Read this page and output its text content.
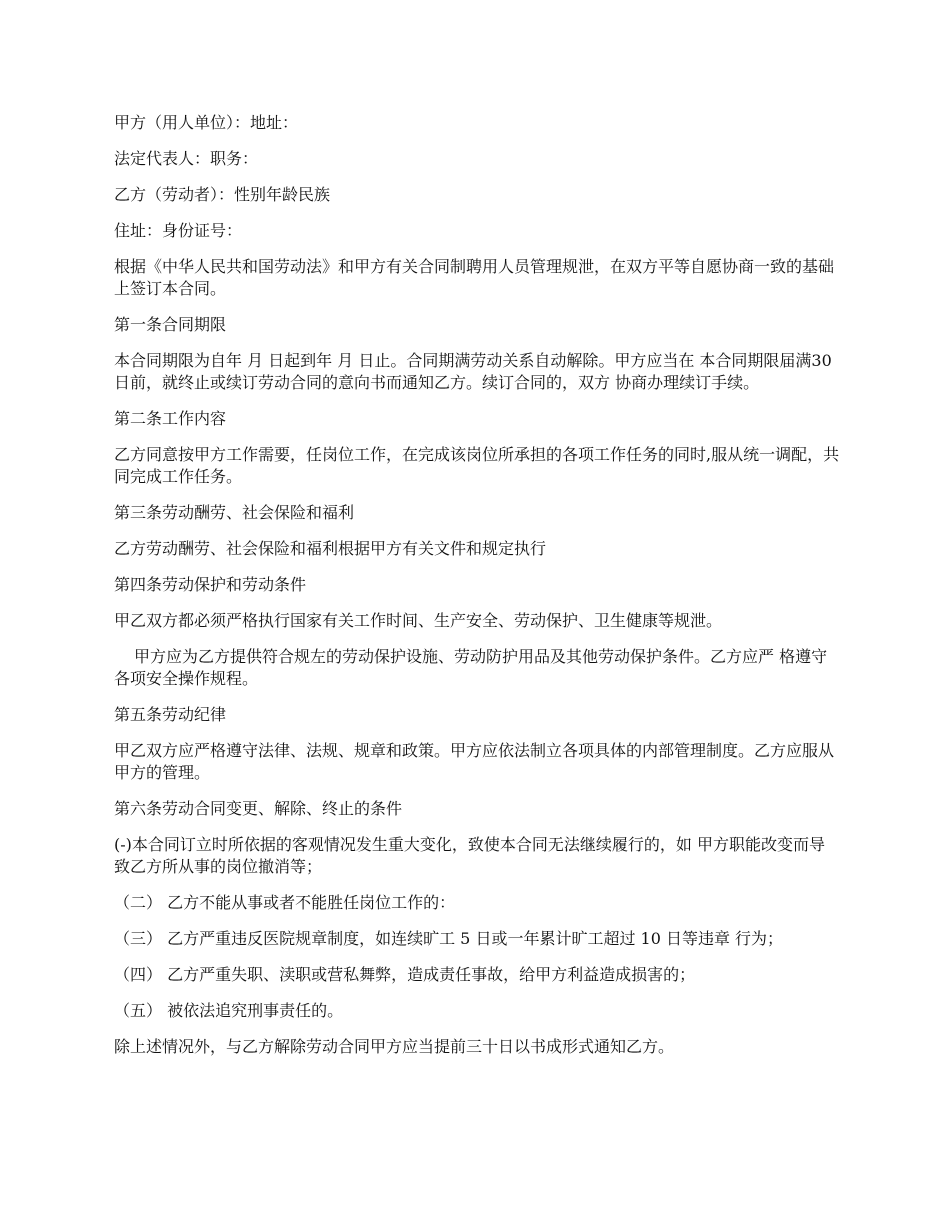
甲方（用人单位）：地址：

法定代表人：职务：

乙方（劳动者）：性别年龄民族

住址：身份证号：

根据《中华人民共和国劳动法》和甲方有关合同制聘用人员管理规泄，在双方平等自愿协商一致的基础上签订本合同。

第一条合同期限

本合同期限为自年 月 日起到年 月 日止。合同期满劳动关系自动解除。甲方应当在 本合同期限届满30日前，就终止或续订劳动合同的意向书而通知乙方。续订合同的，双方 协商办理续订手续。

第二条工作内容

乙方同意按甲方工作需要，任岗位工作，在完成该岗位所承担的各项工作任务的同时,服从统一调配，共同完成工作任务。

第三条劳动酬劳、社会保险和福利

乙方劳动酬劳、社会保险和福利根据甲方有关文件和规定执行

第四条劳动保护和劳动条件

甲乙双方都必须严格执行国家有关工作时间、生产安全、劳动保护、卫生健康等规泄。

甲方应为乙方提供符合规左的劳动保护设施、劳动防护用品及其他劳动保护条件。乙方应严 格遵守各项安全操作规程。

第五条劳动纪律

甲乙双方应严格遵守法律、法规、规章和政策。甲方应依法制立各项具体的内部管理制度。乙方应服从甲方的管理。

第六条劳动合同变更、解除、终止的条件

(-)本合同订立时所依据的客观情况发生重大变化，致使本合同无法继续履行的，如 甲方职能改变而导致乙方所从事的岗位撤消等；

（二） 乙方不能从事或者不能胜任岗位工作的：

（三） 乙方严重违反医院规章制度，如连续旷工 5 日或一年累计旷工超过 10 日等违章 行为；

（四） 乙方严重失职、渎职或营私舞弊，造成责任事故，给甲方利益造成损害的；

（五） 被依法追究刑事责任的。

除上述情况外，与乙方解除劳动合同甲方应当提前三十日以书成形式通知乙方。
